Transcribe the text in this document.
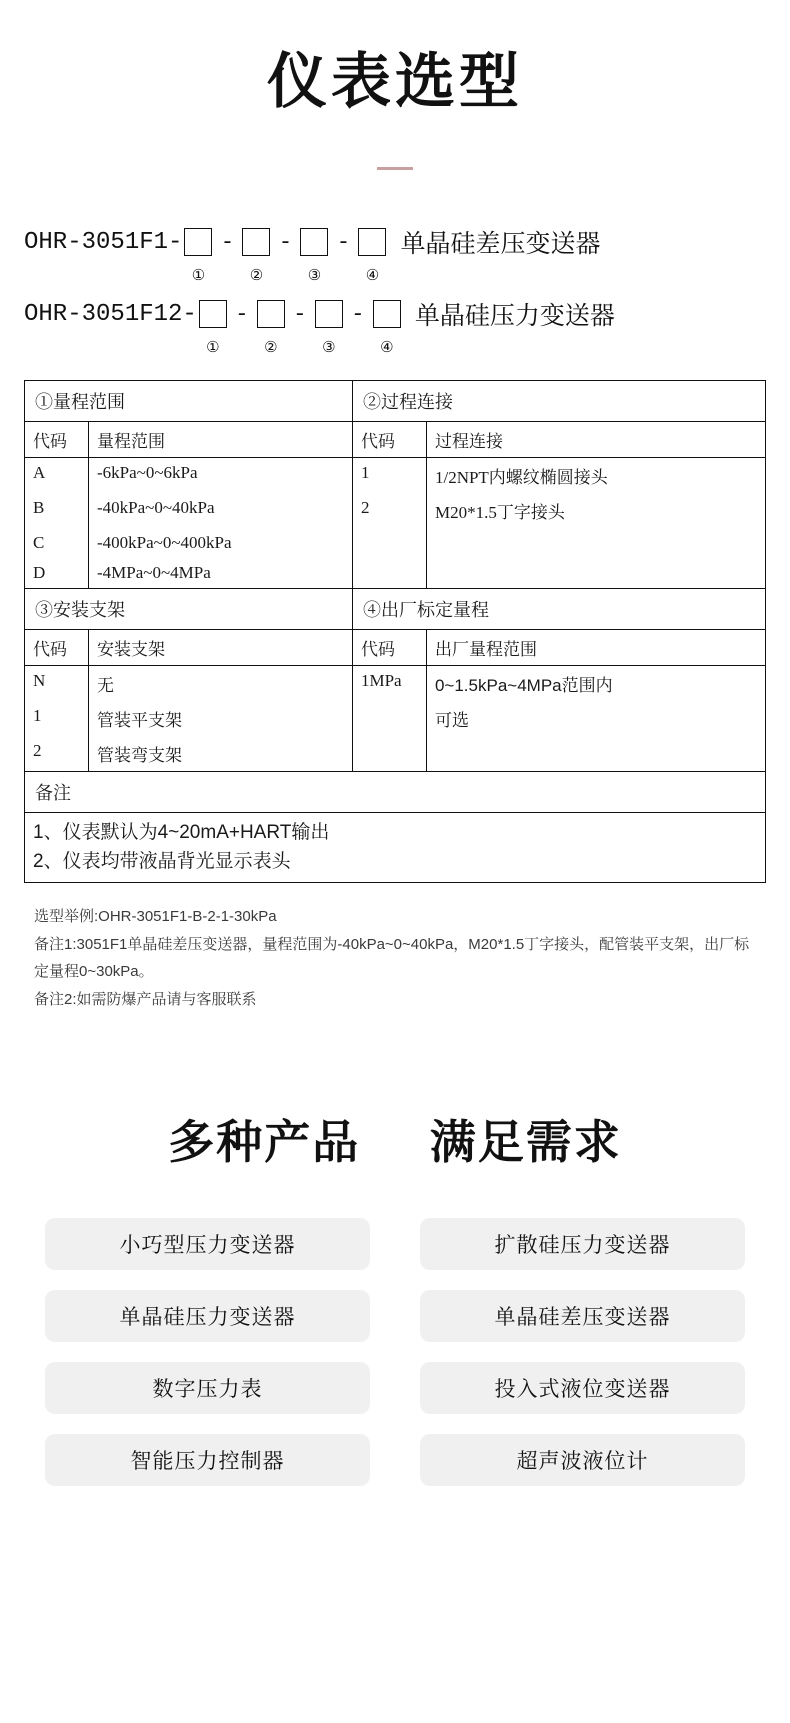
仪表选型
OHR-3051F1- - - - 单晶硅差压变送器
①	②	③	④
OHR-3051F12- - - - 单晶硅压力变送器
①	②	③	④
①量程范围		②过程连接	
代码	量程范围	代码	过程连接
A	-6kPa~0~6kPa	1	1/2NPT内螺纹椭圆接头
B	-40kPa~0~40kPa	2	M20*1.5丁字接头
C	-400kPa~0~400kPa		
D	-4MPa~0~4MPa		
③安装支架		④出厂标定量程	
代码	安装支架	代码	出厂量程范围
N	无	1MPa	0~1.5kPa~4MPa范围内
1	管装平支架		可选
2	管装弯支架		
备注			

1、仪表默认为4~20mA+HART输出
2、仪表均带液晶背光显示表头			
选型举例:OHR-3051F1-B-2-1-30kPa
备注1:3051F1单晶硅差压变送器，量程范围为-40kPa~0~40kPa，M20*1.5丁字接头，配管装平支架，出厂标定量程0~30kPa。
备注2:如需防爆产品请与客服联系
多种产品 满足需求
小巧型压力变送器	扩散硅压力变送器
单晶硅压力变送器	单晶硅差压变送器
数字压力表	投入式液位变送器
智能压力控制器	超声波液位计
